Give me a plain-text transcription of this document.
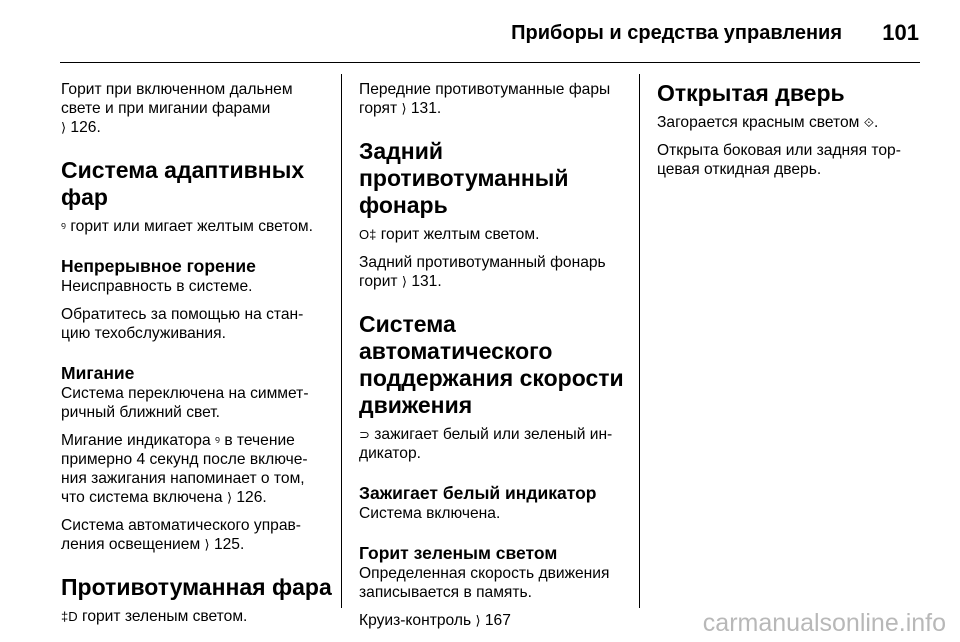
Приборы и средства управления 101

Горит при включенном дальнем
свете и при мигании фарами
⟩ 126.

Система адаптивных
фар

ꝰ горит или мигает желтым светом.

Непрерывное горение

Неисправность в системе.

Обратитесь за помощью на стан-
цию техобслуживания.

Мигание

Система переключена на симмет-
ричный ближний свет.

Мигание индикатора ꝰ в течение
примерно 4 секунд после включе-
ния зажигания напоминает о том,
что система включена ⟩ 126.

Система автоматического управ-
ления освещением ⟩ 125.

Противотуманная фара

‡D горит зеленым светом.

Передние противотуманные фары
горят ⟩ 131.

Задний
противотуманный
фонарь

O‡ горит желтым светом.

Задний противотуманный фонарь
горит ⟩ 131.

Система
автоматического
поддержания скорости
движения

⊃ зажигает белый или зеленый ин-
дикатор.

Зажигает белый индикатор

Система включена.

Горит зеленым светом

Определенная скорость движения
записывается в память.

Круиз-контроль ⟩ 167

Открытая дверь

Загорается красным светом ⟐.

Открыта боковая или задняя тор-
цевая откидная дверь.

carmanualsonline.info
